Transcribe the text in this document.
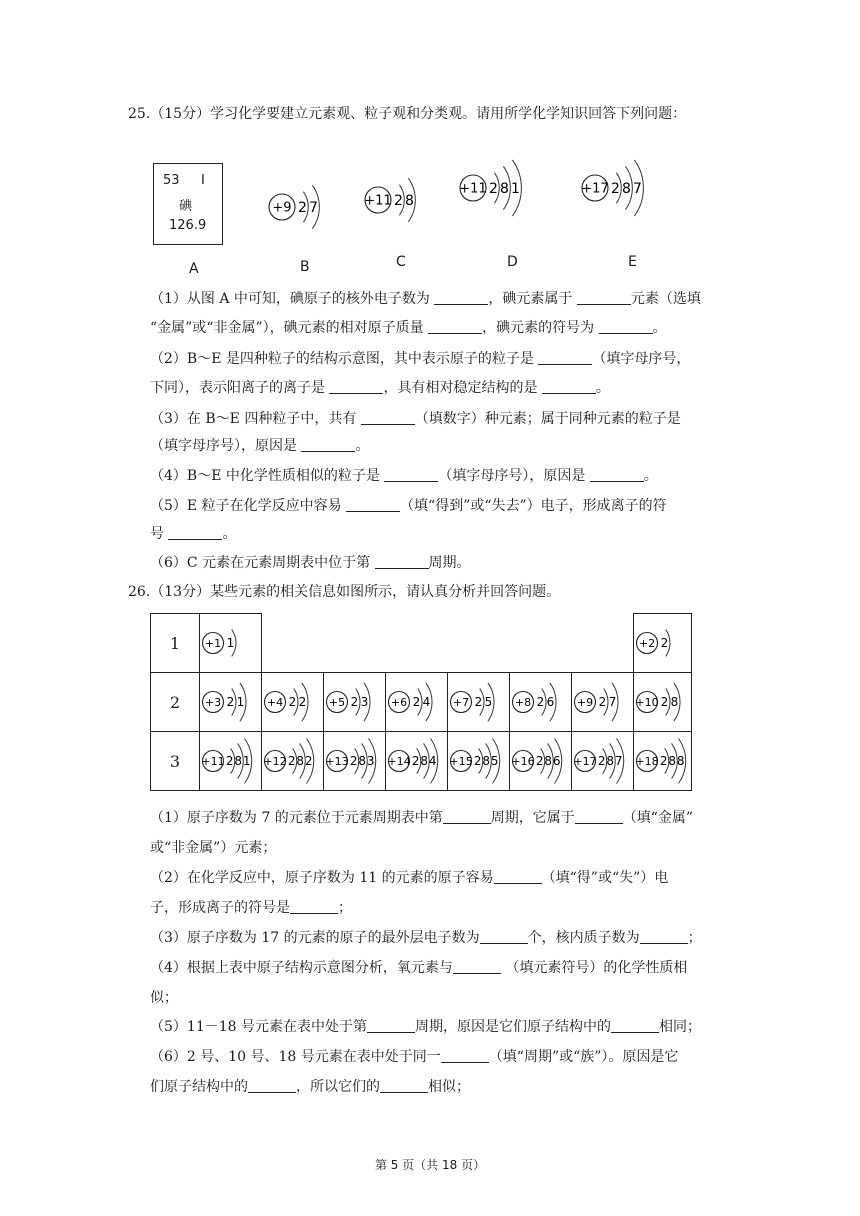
25.（15分）学习化学要建立元素观、粒子观和分类观。请用所学化学知识回答下列问题：
53 I
碘
126.9
+9 2 7	+11 2 8
+11 2 8 1	+17 2 8 7
A	B	C	D	E
（1）从图 A 中可知，碘原子的核外电子数为	，碘元素属于	元素（选填
“金属”或“非金属”），碘元素的相对原子质量	，碘元素的符号为	。
（2）B～E 是四种粒子的结构示意图，其中表示原子的粒子是	（填字母序号，
下同），表示阳离子的离子是	，具有相对稳定结构的是	。
（3）在 B～E 四种粒子中，共有	（填数字）种元素；属于同种元素的粒子是
（填字母序号），原因是	。
（4）B～E 中化学性质相似的粒子是	（填字母序号），原因是	。
（5）E 粒子在化学反应中容易	（填“得到”或“失去”）电子，形成离子的符
号	。
（6）C 元素在元素周期表中位于第	周期。
26.（13分）某些元素的相关信息如图所示，请认真分析并回答问题。
1	+1 1							+2 2

2	+3 2 1	+4 2 2	+5 2 3	+6 2 4	+7 2 5	+8 2 6	+9 2 7	+10 2 8

3	+11 2 8 1	+12 2 8 2	+13 2 8 3	+14 2 8 4	+15 2 8 5	+16 2 8 6	+17 2 8 7	+18 2 8 8
（1）原子序数为 7 的元素位于元素周期表中第	周期，它属于	（填“金属”
或“非金属”）元素；
（2）在化学反应中，原子序数为 11 的元素的原子容易	（填“得”或“失”）电
子，形成离子的符号是	；
（3）原子序数为 17 的元素的原子的最外层电子数为	个，核内质子数为	；
（4）根据上表中原子结构示意图分析，氧元素与	（填元素符号）的化学性质相
似；
（5）11－18 号元素在表中处于第	周期，原因是它们原子结构中的	相同；
（6）2 号、10 号、18 号元素在表中处于同一	（填“周期”或“族”）。原因是它
们原子结构中的	，所以它们的	相似；
第 5 页（共 18 页）
